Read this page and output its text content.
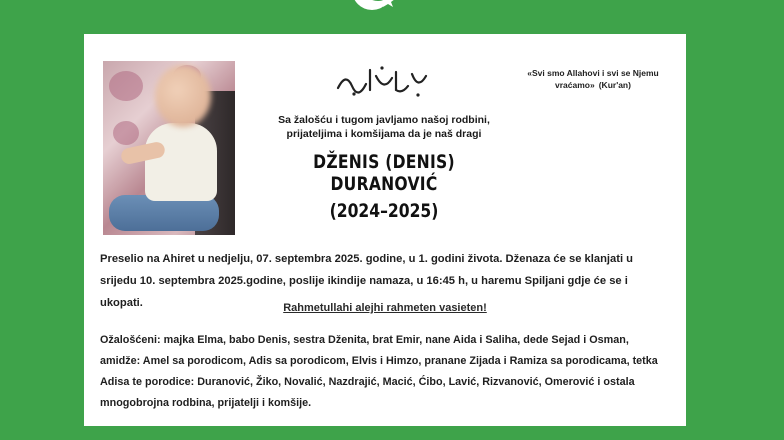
«Svi smo Allahovi i svi se Njemu vraćamo» (Kur'an)
Sa žalošću i tugom javljamo našoj rodbini, prijateljima i komšijama da je naš dragi
DŽENIS (DENIS) DURANOVIĆ
(2024–2025)
Preselio na Ahiret u nedjelju, 07. septembra 2025. godine, u 1. godini života. Dženaza će se klanjati u srijedu 10. septembra 2025.godine, poslije ikindije namaza, u 16:45 h, u haremu Spiljani gdje će se i ukopati.	Rahmetullahi alejhi rahmeten vasieten!
Ožalošćeni: majka Elma, babo Denis, sestra Dženita, brat Emir, nane Aida i Saliha, dede Sejad i Osman, amidže: Amel sa porodicom, Adis sa porodicom, Elvis i Himzo, pranane Zijada i Ramiza sa porodicama, tetka Adisa te porodice: Duranović, Žiko, Novalić, Nazdrajić, Macić, Ćibo, Lavić, Rizvanović, Omerović i ostala mnogobrojna rodbina, prijatelji i komšije.
